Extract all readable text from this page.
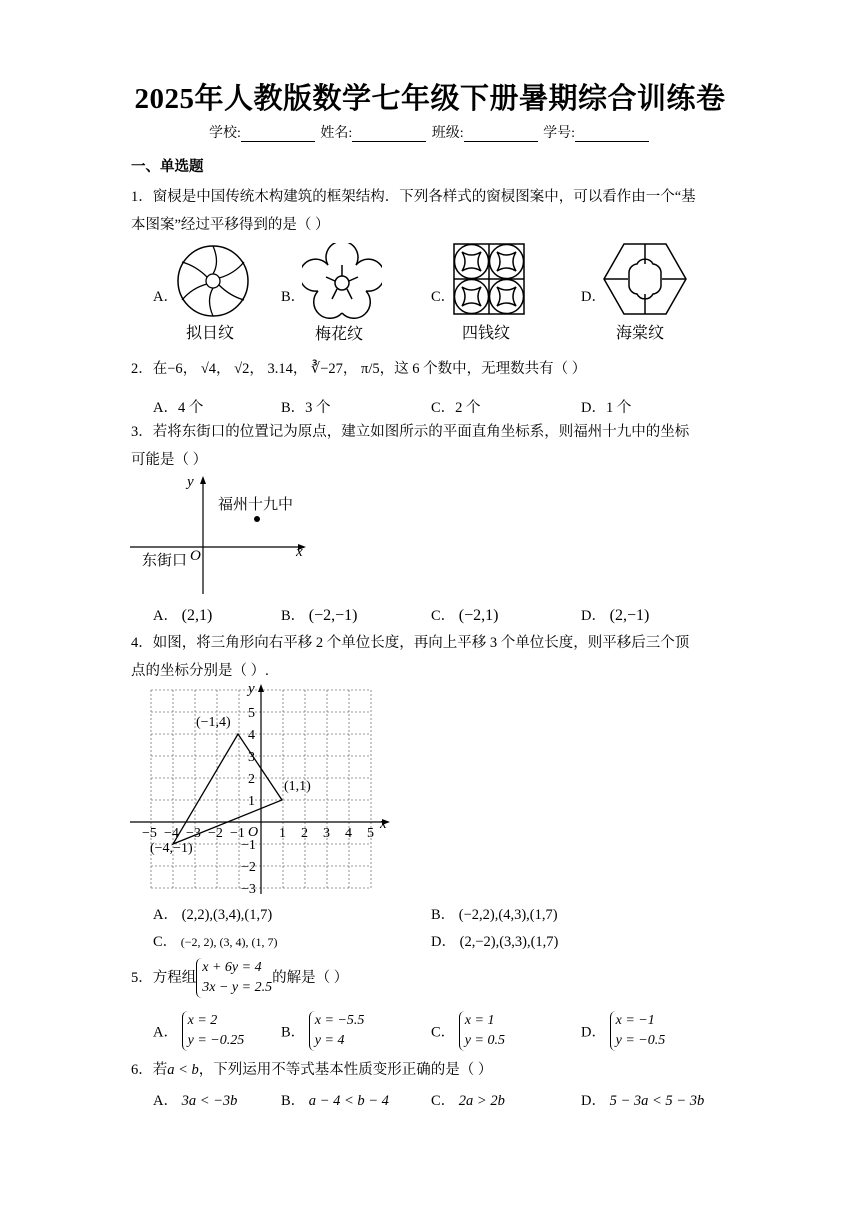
2025年人教版数学七年级下册暑期综合训练卷
学校:	姓名:	班级:	学号:
一、单选题
1．窗棂是中国传统木构建筑的框架结构．下列各样式的窗棂图案中，可以看作由一个“基
本图案”经过平移得到的是（ ）
A．
拟日纹
B．
梅花纹
C．
四钱纹
D．
海棠纹
2．在−6， √4， √2， 3.14， ∛−27， π/5，这 6 个数中，无理数共有（ ）
A．4 个	B．3 个	C．2 个	D．1 个
3．若将东街口的位置记为原点，建立如图所示的平面直角坐标系，则福州十九中的坐标
可能是（ ）
y
x
O
福州十九中
东街口
A． (2,1)	B． (−2,−1)	C． (−2,1)	D． (2,−1)
4．如图，将三角形向右平移 2 个单位长度，再向上平移 3 个单位长度，则平移后三个顶
点的坐标分别是（ ）.
y
x
O
−5 −4 −3 −2 −1 1 2 3 4 5
5
4
3
2
1
−1
−2
−3
(−1,4)
(1,1)
(−4,−1)
A． (2,2),(3,4),(1,7)	B． (−2,2),(4,3),(1,7)
C． (−2, 2), (3, 4), (1, 7)	D． (2,−2),(3,3),(1,7)
5．方程组x + 6y = 4
3x − y = 2.5的解是（ ）
A． x = 2
y = −0.25	B． x = −5.5
y = 4	C． x = 1
y = 0.5	D． x = −1
y = −0.5
6．若a < b，下列运用不等式基本性质变形正确的是（ ）
A． 3a < −3b	B． a − 4 < b − 4	C． 2a > 2b	D． 5 − 3a < 5 − 3b
